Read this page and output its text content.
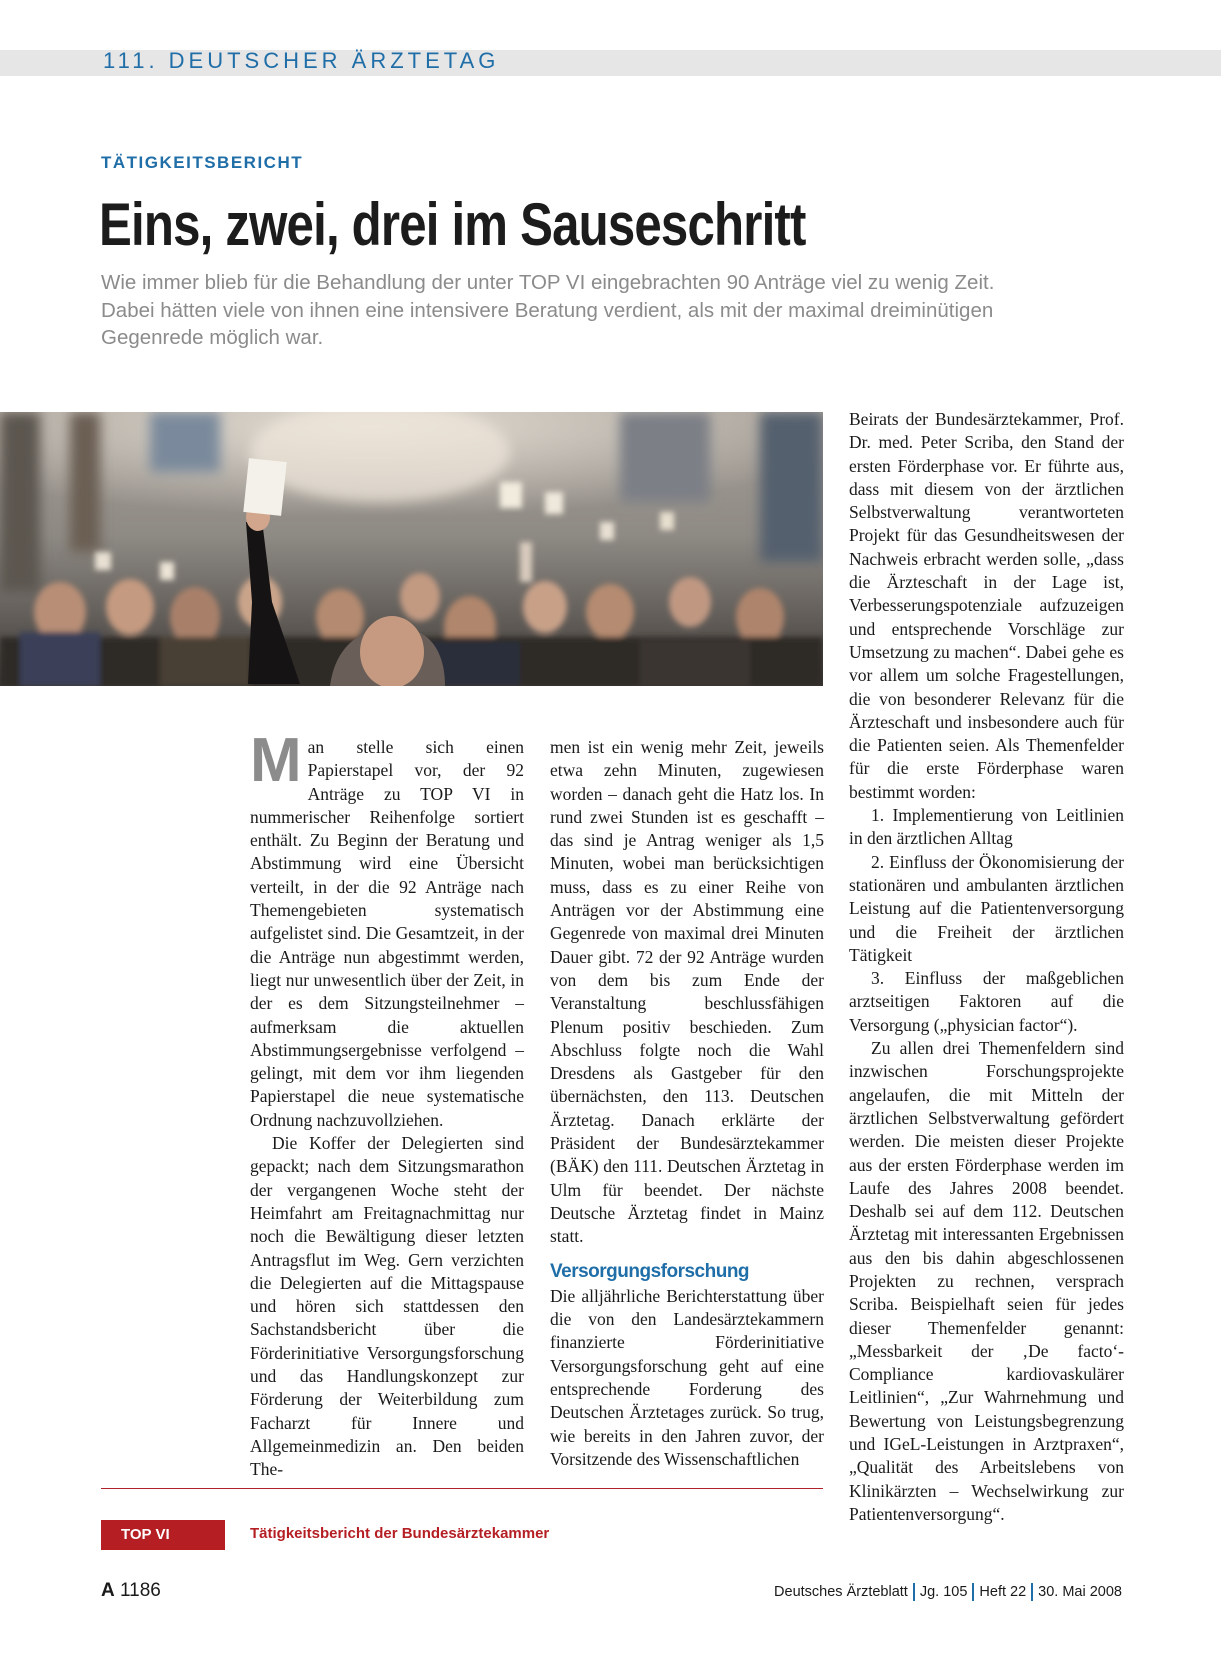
111. DEUTSCHER ÄRZTETAG
TÄTIGKEITSBERICHT
Eins, zwei, drei im Sauseschritt
Wie immer blieb für die Behandlung der unter TOP VI eingebrachten 90 Anträge viel zu wenig Zeit. Dabei hätten viele von ihnen eine intensivere Beratung verdient, als mit der maximal dreiminütigen Gegenrede möglich war.

Man stelle sich einen Papierstapel vor, der 92 Anträge zu TOP VI in nummerischer Reihenfolge sortiert enthält. Zu Beginn der Beratung und Abstimmung wird eine Übersicht verteilt, in der die 92 Anträge nach Themengebieten systematisch aufgelistet sind. Die Gesamtzeit, in der die Anträge nun abgestimmt werden, liegt nur unwesentlich über der Zeit, in der es dem Sitzungsteilnehmer – aufmerksam die aktuellen Abstimmungsergebnisse verfolgend – gelingt, mit dem vor ihm liegenden Papierstapel die neue systematische Ordnung nachzuvollziehen.

Die Koffer der Delegierten sind gepackt; nach dem Sitzungsmarathon der vergangenen Woche steht der Heimfahrt am Freitagnachmittag nur noch die Bewältigung dieser letzten Antragsflut im Weg. Gern verzichten die Delegierten auf die Mittagspause und hören sich stattdessen den Sachstandsbericht über die Förderinitiative Versorgungsforschung und das Handlungskonzept zur Förderung der Weiterbildung zum Facharzt für Innere und Allgemeinmedizin an. Den beiden The-

men ist ein wenig mehr Zeit, jeweils etwa zehn Minuten, zugewiesen worden – danach geht die Hatz los. In rund zwei Stunden ist es geschafft – das sind je Antrag weniger als 1,5 Minuten, wobei man berücksichtigen muss, dass es zu einer Reihe von Anträgen vor der Abstimmung eine Gegenrede von maximal drei Minuten Dauer gibt. 72 der 92 Anträge wurden von dem bis zum Ende der Veranstaltung beschlussfähigen Plenum positiv beschieden. Zum Abschluss folgte noch die Wahl Dresdens als Gastgeber für den übernächsten, den 113. Deutschen Ärztetag. Danach erklärte der Präsident der Bundesärztekammer (BÄK) den 111. Deutschen Ärztetag in Ulm für beendet. Der nächste Deutsche Ärztetag findet in Mainz statt.

Versorgungsforschung

Die alljährliche Berichterstattung über die von den Landesärztekammern finanzierte Förderinitiative Versorgungsforschung geht auf eine entsprechende Forderung des Deutschen Ärztetages zurück. So trug, wie bereits in den Jahren zuvor, der Vorsitzende des Wissenschaftlichen

Beirats der Bundesärztekammer, Prof. Dr. med. Peter Scriba, den Stand der ersten Förderphase vor. Er führte aus, dass mit diesem von der ärztlichen Selbstverwaltung verantworteten Projekt für das Gesundheitswesen der Nachweis erbracht werden solle, „dass die Ärzteschaft in der Lage ist, Verbesserungspotenziale aufzuzeigen und entsprechende Vorschläge zur Umsetzung zu machen“. Dabei gehe es vor allem um solche Fragestellungen, die von besonderer Relevanz für die Ärzteschaft und insbesondere auch für die Patienten seien. Als Themenfelder für die erste Förderphase waren bestimmt worden:

1. Implementierung von Leitlinien in den ärztlichen Alltag

2. Einfluss der Ökonomisierung der stationären und ambulanten ärztlichen Leistung auf die Patientenversorgung und die Freiheit der ärztlichen Tätigkeit

3. Einfluss der maßgeblichen arztseitigen Faktoren auf die Versorgung („physician factor“).

Zu allen drei Themenfeldern sind inzwischen Forschungsprojekte angelaufen, die mit Mitteln der ärztlichen Selbstverwaltung gefördert werden. Die meisten dieser Projekte aus der ersten Förderphase werden im Laufe des Jahres 2008 beendet. Deshalb sei auf dem 112. Deutschen Ärztetag mit interessanten Ergebnissen aus den bis dahin abgeschlossenen Projekten zu rechnen, versprach Scriba. Beispielhaft seien für jedes dieser Themenfelder genannt: „Messbarkeit der ‚De facto‘-Compliance kardiovaskulärer Leitlinien“, „Zur Wahrnehmung und Bewertung von Leistungsbegrenzung und IGeL-Leistungen in Arztpraxen“, „Qualität des Arbeitslebens von Klinikärzten – Wechselwirkung zur Patientenversorgung“.

TOP VI	Tätigkeitsbericht der Bundesärztekammer
A 1186	Deutsches Ärzteblatt Jg. 105 Heft 22 30. Mai 2008
